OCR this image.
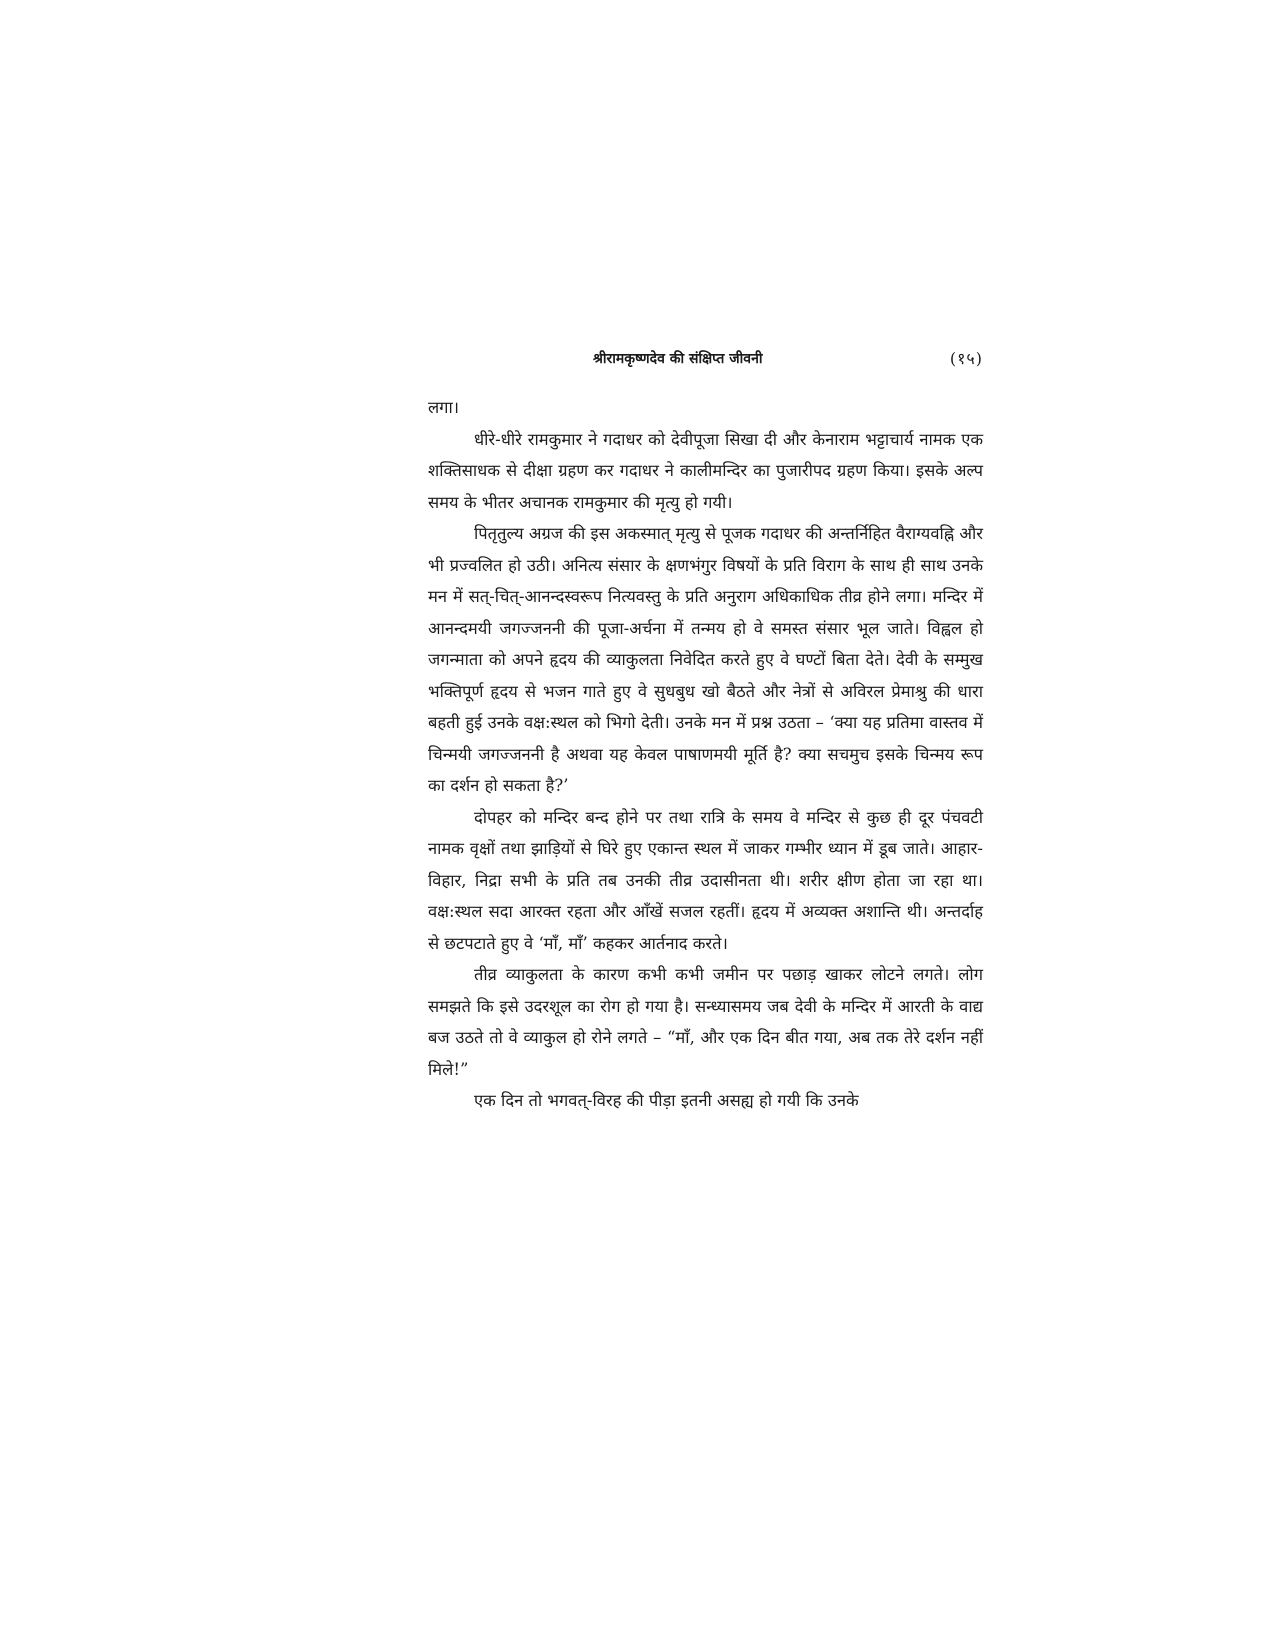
श्रीरामकृष्णदेव की संक्षिप्त जीवनी	(१५)

लगा।

धीरे-धीरे रामकुमार ने गदाधर को देवीपूजा सिखा दी और केनाराम भट्टाचार्य नामक एक शक्तिसाधक से दीक्षा ग्रहण कर गदाधर ने कालीमन्दिर का पुजारीपद ग्रहण किया। इसके अल्प समय के भीतर अचानक रामकुमार की मृत्यु हो गयी।

पितृतुल्य अग्रज की इस अकस्मात् मृत्यु से पूजक गदाधर की अन्तर्निहित वैराग्यवह्नि और भी प्रज्वलित हो उठी। अनित्य संसार के क्षणभंगुर विषयों के प्रति विराग के साथ ही साथ उनके मन में सत्-चित्-आनन्दस्वरूप नित्यवस्तु के प्रति अनुराग अधिकाधिक तीव्र होने लगा। मन्दिर में आनन्दमयी जगज्जननी की पूजा-अर्चना में तन्मय हो वे समस्त संसार भूल जाते। विह्वल हो जगन्माता को अपने हृदय की व्याकुलता निवेदित करते हुए वे घण्टों बिता देते। देवी के सम्मुख भक्तिपूर्ण हृदय से भजन गाते हुए वे सुधबुध खो बैठते और नेत्रों से अविरल प्रेमाश्रु की धारा बहती हुई उनके वक्ष:स्थल को भिगो देती। उनके मन में प्रश्न उठता – ‘क्या यह प्रतिमा वास्तव में चिन्मयी जगज्जननी है अथवा यह केवल पाषाणमयी मूर्ति है? क्या सचमुच इसके चिन्मय रूप का दर्शन हो सकता है?’

दोपहर को मन्दिर बन्द होने पर तथा रात्रि के समय वे मन्दिर से कुछ ही दूर पंचवटी नामक वृक्षों तथा झाड़ियों से घिरे हुए एकान्त स्थल में जाकर गम्भीर ध्यान में डूब जाते। आहार-विहार, निद्रा सभी के प्रति तब उनकी तीव्र उदासीनता थी। शरीर क्षीण होता जा रहा था। वक्ष:स्थल सदा आरक्त रहता और आँखें सजल रहतीं। हृदय में अव्यक्त अशान्ति थी। अन्तर्दाह से छटपटाते हुए वे ‘माँ, माँ’ कहकर आर्तनाद करते।

तीव्र व्याकुलता के कारण कभी कभी जमीन पर पछाड़ खाकर लोटने लगते। लोग समझते कि इसे उदरशूल का रोग हो गया है। सन्ध्यासमय जब देवी के मन्दिर में आरती के वाद्य बज उठते तो वे व्याकुल हो रोने लगते – “माँ, और एक दिन बीत गया, अब तक तेरे दर्शन नहीं मिले!”

एक दिन तो भगवत्-विरह की पीड़ा इतनी असह्य हो गयी कि उनके
